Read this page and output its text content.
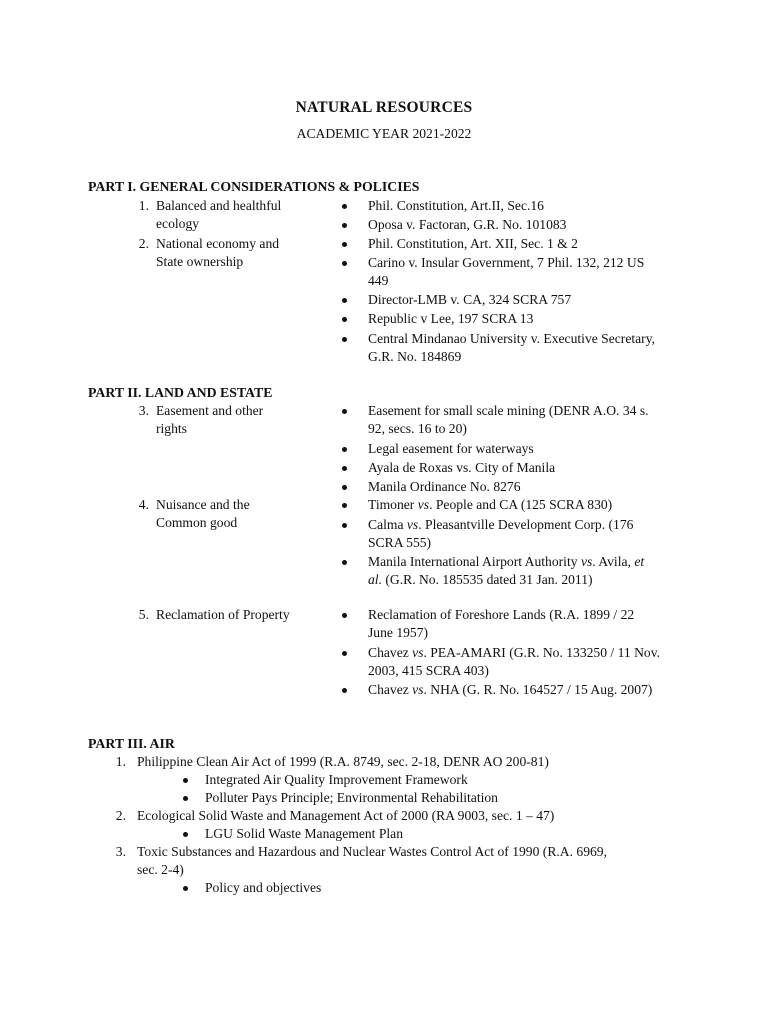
NATURAL RESOURCES
ACADEMIC YEAR 2021-2022
PART I. GENERAL CONSIDERATIONS & POLICIES
1. Balanced and healthful
ecology
2. National economy and
State ownership
Phil. Constitution, Art.II, Sec.16
Oposa v. Factoran, G.R. No. 101083
Phil. Constitution, Art. XII, Sec. 1 & 2
Carino v. Insular Government, 7 Phil. 132, 212 US
449
Director-LMB v. CA, 324 SCRA 757
Republic v Lee, 197 SCRA 13
Central Mindanao University v. Executive Secretary,
G.R. No. 184869
PART II. LAND AND ESTATE
3. Easement and other
rights
4. Nuisance and the
Common good
5. Reclamation of Property
Easement for small scale mining (DENR A.O. 34 s.
92, secs. 16 to 20)
Legal easement for waterways
Ayala de Roxas vs. City of Manila
Manila Ordinance No. 8276
Timoner vs. People and CA (125 SCRA 830)
Calma vs. Pleasantville Development Corp. (176
SCRA 555)
Manila International Airport Authority vs. Avila, et
al. (G.R. No. 185535 dated 31 Jan. 2011)
Reclamation of Foreshore Lands (R.A. 1899 / 22
June 1957)
Chavez vs. PEA-AMARI (G.R. No. 133250 / 11 Nov.
2003, 415 SCRA 403)
Chavez vs. NHA (G. R. No. 164527 / 15 Aug. 2007)
PART III. AIR
1. Philippine Clean Air Act of 1999 (R.A. 8749, sec. 2-18, DENR AO 200-81)
Integrated Air Quality Improvement Framework
Polluter Pays Principle; Environmental Rehabilitation
2. Ecological Solid Waste and Management Act of 2000 (RA 9003, sec. 1 – 47)
LGU Solid Waste Management Plan
3. Toxic Substances and Hazardous and Nuclear Wastes Control Act of 1990 (R.A. 6969,
sec. 2-4)
Policy and objectives
